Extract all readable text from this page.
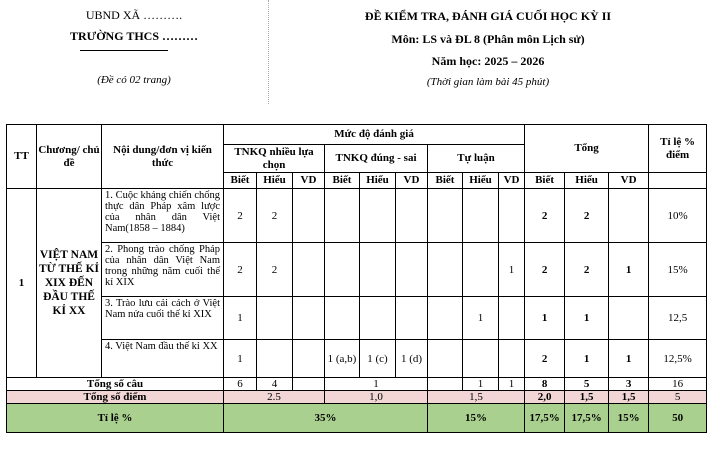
UBND XÃ ……….
TRƯỜNG THCS ………
(Đề có 02 trang)
ĐỀ KIỂM TRA, ĐÁNH GIÁ CUỐI HỌC KỲ II
Môn: LS và ĐL 8 (Phân môn Lịch sử)
Năm học: 2025 – 2026
(Thời gian làm bài 45 phút)
TT	Chương/ chủ đề	Nội dung/đơn vị kiến thức	Mức độ đánh giá									Tổng			Tỉ lệ % điểm
			TNKQ nhiều lựa chọn			TNKQ đúng - sai			Tự luận						
			Biết	Hiểu	VD	Biết	Hiểu	VD	Biết	Hiểu	VD	Biết	Hiểu	VD	
1	VIỆT NAM TỪ THẾ KỈ XIX ĐẾN ĐẦU THẾ KỈ XX	1. Cuộc kháng chiến chống thực dân Pháp xâm lược của nhân dân Việt Nam(1858 – 1884)	2	2								2	2		10%
		2. Phong trào chống Pháp của nhân dân Việt Nam trong những năm cuối thế kỉ XIX	2	2							1	2	2	1	15%
		3. Trào lưu cải cách ở Việt Nam nửa cuối thế kỉ XIX	1							1		1	1		12,5
		4. Việt Nam đầu thế kỉ XX	1			1 (a,b)	1 (c)	1 (d)				2	1	1	12,5%
Tổng số câu			6	4		1				1	1	8	5	3	16
Tổng số điểm			2.5			1,0			1,5			2,0	1,5	1,5	5
Tỉ lệ %			35%						15%			17,5%	17,5%	15%	50
